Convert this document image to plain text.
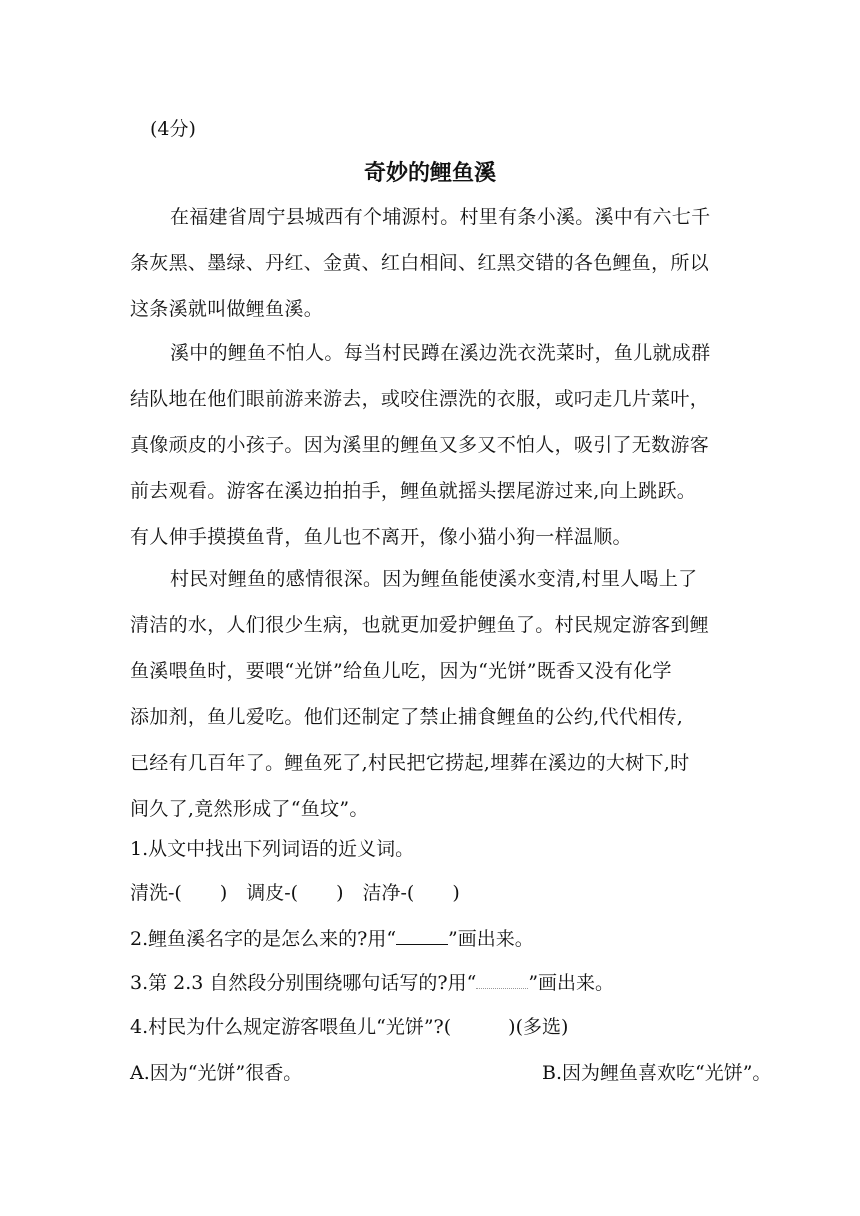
(4分)
奇妙的鲤鱼溪
在福建省周宁县城西有个埔源村。村里有条小溪。溪中有六七千
条灰黑、墨绿、丹红、金黄、红白相间、红黑交错的各色鲤鱼，所以
这条溪就叫做鲤鱼溪。
溪中的鲤鱼不怕人。每当村民蹲在溪边洗衣洗菜时，鱼儿就成群
结队地在他们眼前游来游去，或咬住漂洗的衣服，或叼走几片菜叶，
真像顽皮的小孩子。因为溪里的鲤鱼又多又不怕人，吸引了无数游客
前去观看。游客在溪边拍拍手，鲤鱼就摇头摆尾游过来,向上跳跃。
有人伸手摸摸鱼背，鱼儿也不离开，像小猫小狗一样温顺。
村民对鲤鱼的感情很深。因为鲤鱼能使溪水变清,村里人喝上了
清洁的水，人们很少生病，也就更加爱护鲤鱼了。村民规定游客到鲤
鱼溪喂鱼时，要喂“光饼”给鱼儿吃，因为“光饼”既香又没有化学
添加剂，鱼儿爱吃。他们还制定了禁止捕食鲤鱼的公约,代代相传,
已经有几百年了。鲤鱼死了,村民把它捞起,埋葬在溪边的大树下,时
间久了,竟然形成了“鱼坟”。
1.从文中找出下列词语的近义词。
清洗-(　　)　调皮-(　　)　洁净-(　　)
2.鲤鱼溪名字的是怎么来的?用“	”画出来。
3.第 2.3 自然段分别围绕哪句话写的?用“	”画出来。
4.村民为什么规定游客喂鱼儿“光饼”?(　　　)(多选)
A.因为“光饼”很香。	B.因为鲤鱼喜欢吃“光饼”。
